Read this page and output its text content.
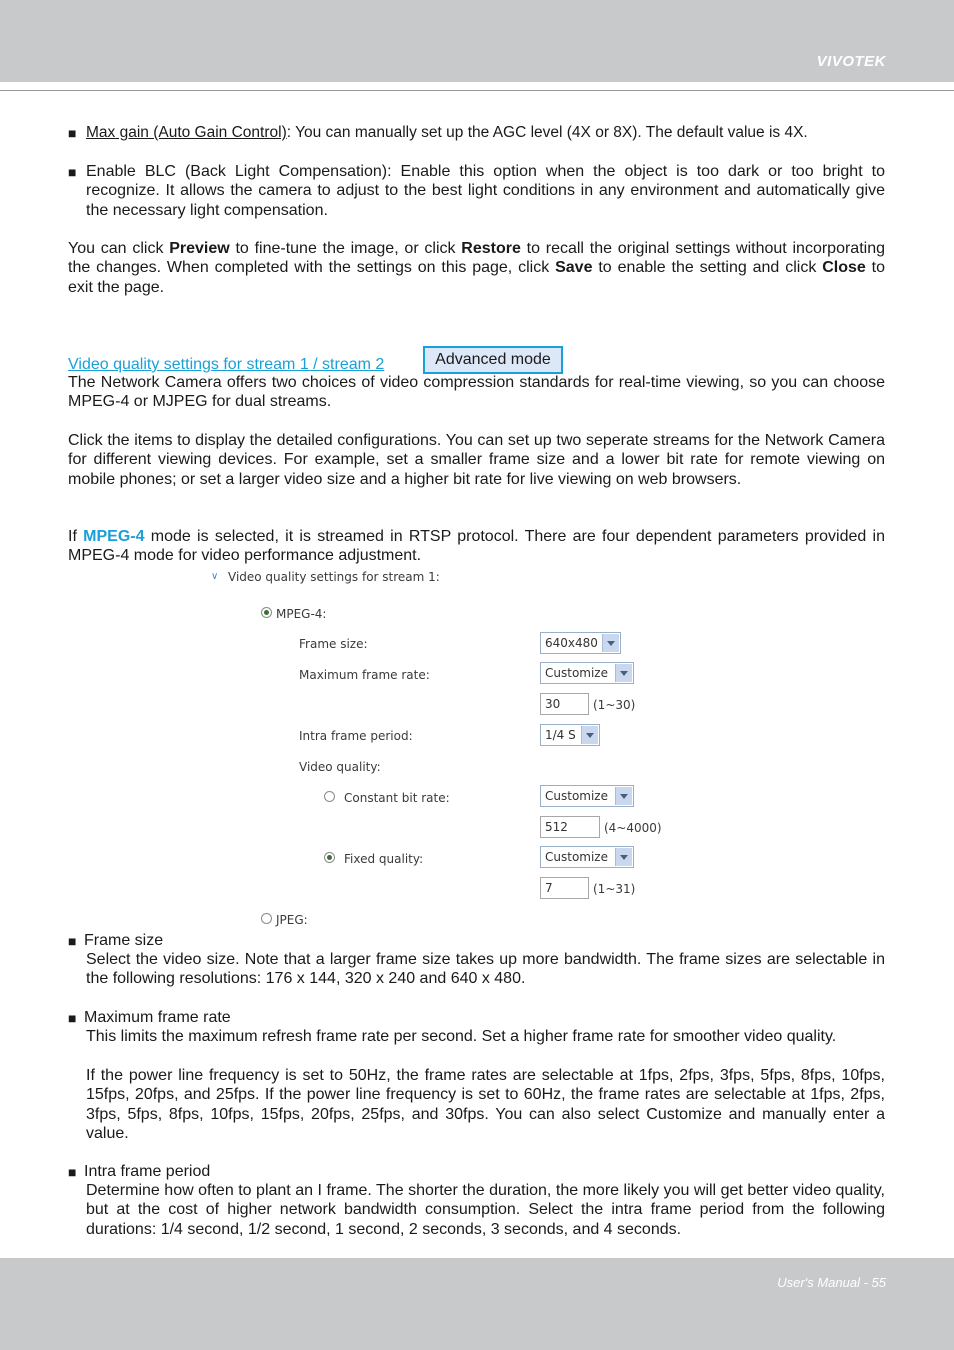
VIVOTEK
■ Max gain (Auto Gain Control): You can manually set up the AGC level (4X or 8X). The default value is 4X.

■ Enable BLC (Back Light Compensation): Enable this option when the object is too dark or too bright to recognize. It allows the camera to adjust to the best light conditions in any environment and automatically give the necessary light compensation.

You can click Preview to fine-tune the image, or click Restore to recall the original settings without incorporating the changes. When completed with the settings on this page, click Save to enable the setting and click Close to exit the page.

Video quality settings for stream 1 / stream 2	Advanced mode

The Network Camera offers two choices of video compression standards for real-time viewing, so you can choose MPEG-4 or MJPEG for dual streams.

Click the items to display the detailed configurations. You can set up two seperate streams for the Network Camera for different viewing devices. For example, set a smaller frame size and a lower bit rate for remote viewing on mobile phones; or set a larger video size and a higher bit rate for live viewing on web browsers.

If MPEG-4 mode is selected, it is streamed in RTSP protocol. There are four dependent parameters provided in MPEG-4 mode for video performance adjustment.

∨ Video quality settings for stream 1:
MPEG-4:
Frame size:	640x480
Maximum frame rate:	Customize
30	(1~30)
Intra frame period:	1/4 S
Video quality:
Constant bit rate:	Customize
512	(4~4000)
Fixed quality:	Customize
7	(1~31)
JPEG:
■ Frame size

Select the video size. Note that a larger frame size takes up more bandwidth. The frame sizes are selectable in the following resolutions: 176 x 144, 320 x 240 and 640 x 480.

■ Maximum frame rate

This limits the maximum refresh frame rate per second. Set a higher frame rate for smoother video quality.

If the power line frequency is set to 50Hz, the frame rates are selectable at 1fps, 2fps, 3fps, 5fps, 8fps, 10fps, 15fps, 20fps, and 25fps. If the power line frequency is set to 60Hz, the frame rates are selectable at 1fps, 2fps, 3fps, 5fps, 8fps, 10fps, 15fps, 20fps, 25fps, and 30fps. You can also select Customize and manually enter a value.

■ Intra frame period

Determine how often to plant an I frame. The shorter the duration, the more likely you will get better video quality, but at the cost of higher network bandwidth consumption. Select the intra frame period from the following durations: 1/4 second, 1/2 second, 1 second, 2 seconds, 3 seconds, and 4 seconds.

User's Manual - 55
